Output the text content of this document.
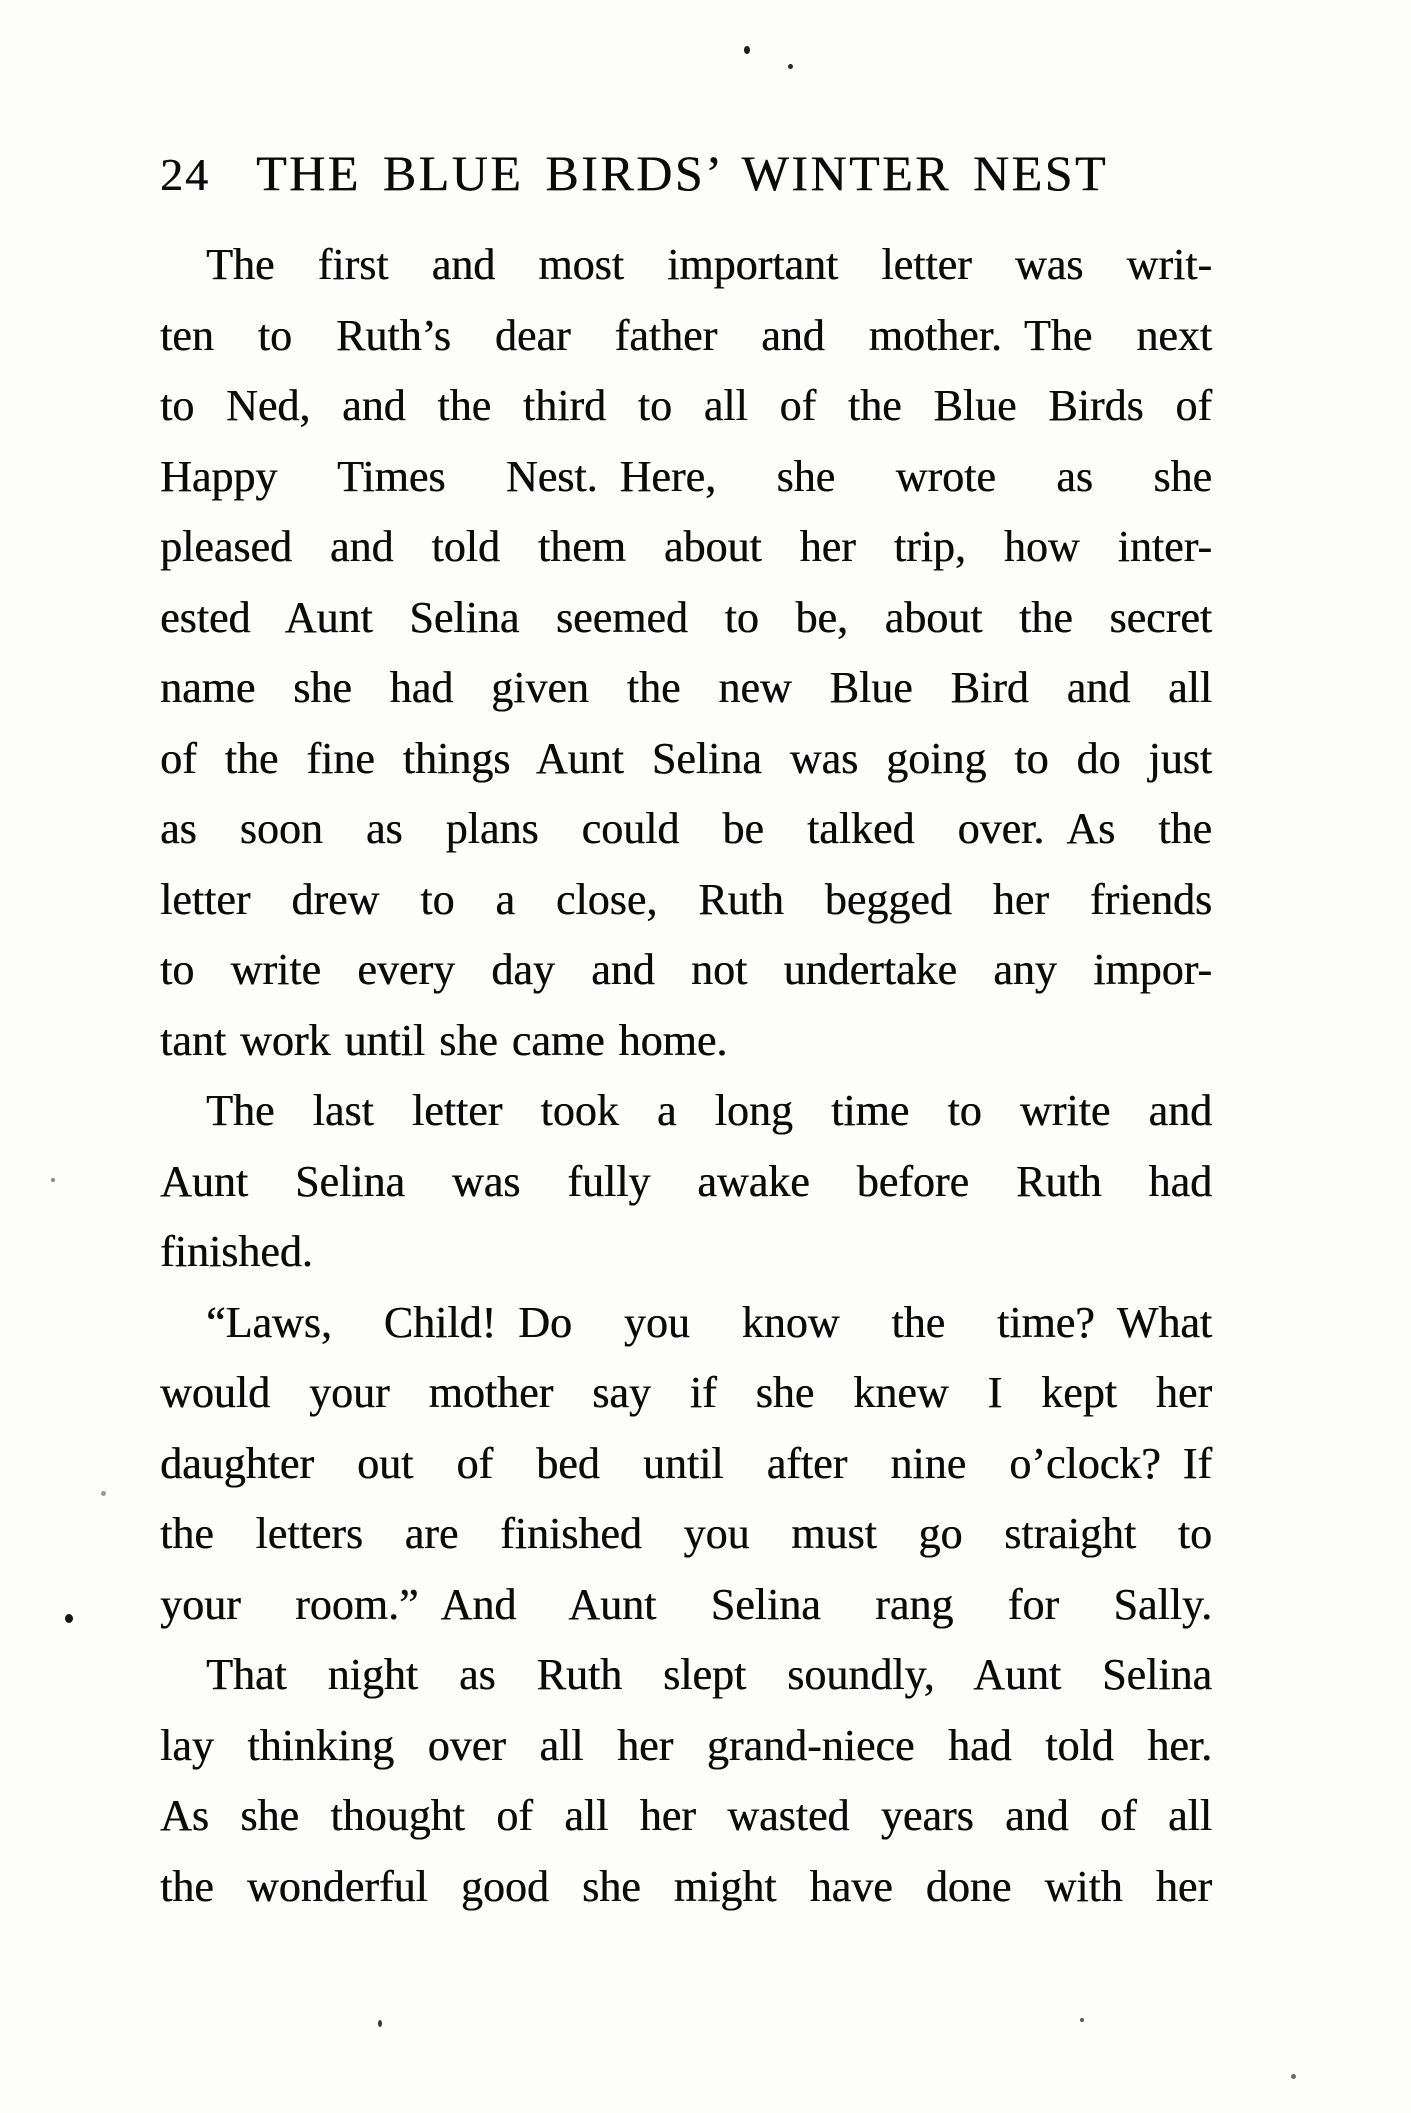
24 THE BLUE BIRDS’ WINTER NEST
The first and most important letter was writ-
ten to Ruth’s dear father and mother. The next
to Ned, and the third to all of the Blue Birds of
Happy Times Nest. Here, she wrote as she
pleased and told them about her trip, how inter-
ested Aunt Selina seemed to be, about the secret
name she had given the new Blue Bird and all
of the fine things Aunt Selina was going to do just
as soon as plans could be talked over. As the
letter drew to a close, Ruth begged her friends
to write every day and not undertake any impor-
tant work until she came home.
The last letter took a long time to write and
Aunt Selina was fully awake before Ruth had
finished.
“Laws, Child! Do you know the time? What
would your mother say if she knew I kept her
daughter out of bed until after nine o’clock? If
the letters are finished you must go straight to
your room.” And Aunt Selina rang for Sally.
That night as Ruth slept soundly, Aunt Selina
lay thinking over all her grand-niece had told her.
As she thought of all her wasted years and of all
the wonderful good she might have done with her
